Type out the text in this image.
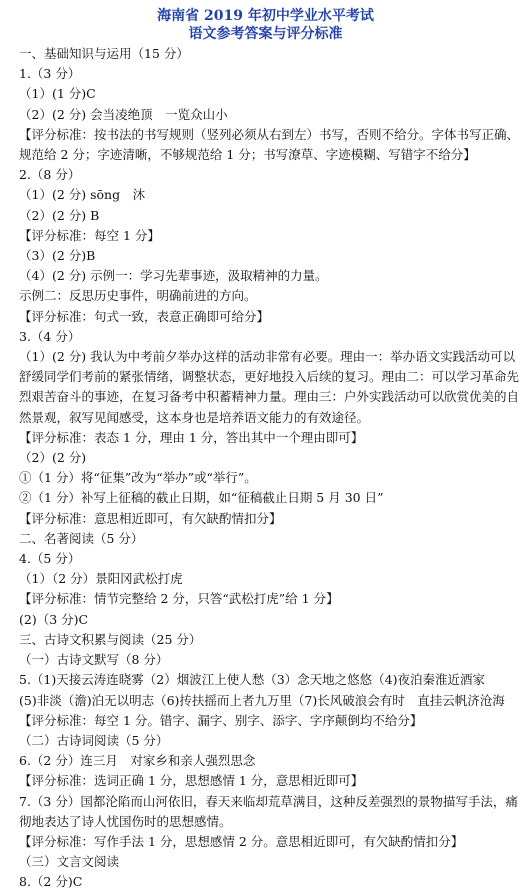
海南省 2019 年初中学业水平考试
语文参考答案与评分标准
一、基础知识与运用（15 分）
1.（3 分）
（1）(1 分)C
（2）(2 分) 会当凌绝顶　一览众山小
【评分标准：按书法的书写规则（竖列必须从右到左）书写，否则不给分。字体书写正确、规范给 2 分；字迹清晰，不够规范给 1 分；书写潦草、字迹模糊、写错字不给分】
2.（8 分）
（1）(2 分) sōng　沐
（2）(2 分) B
【评分标准：每空 1 分】
（3）(2 分)B
（4）(2 分) 示例一：学习先辈事迹，汲取精神的力量。
示例二：反思历史事件，明确前进的方向。
【评分标准：句式一致，表意正确即可给分】
3.（4 分）
（1）(2 分) 我认为中考前夕举办这样的活动非常有必要。理由一：举办语文实践活动可以舒缓同学们考前的紧张情绪，调整状态，更好地投入后续的复习。理由二：可以学习革命先烈艰苦奋斗的事迹，在复习备考中积蓄精神力量。理由三：户外实践活动可以欣赏优美的自然景观，叙写见闻感受，这本身也是培养语文能力的有效途径。
【评分标准：表态 1 分，理由 1 分，答出其中一个理由即可】
（2）(2 分)
①（1 分）将“征集”改为“举办”或“举行”。
②（1 分）补写上征稿的截止日期，如“征稿截止日期 5 月 30 日”
【评分标准：意思相近即可，有欠缺酌情扣分】
二、名著阅读（5 分）
4.（5 分）
（1）（2 分）景阳冈武松打虎
【评分标准：情节完整给 2 分，只答“武松打虎”给 1 分】
(2)（3 分)C
三、古诗文积累与阅读（25 分）
（一）古诗文默写（8 分）
5.（1)天接云涛连晓雾（2）烟波江上使人愁（3）念天地之悠悠（4)夜泊秦淮近酒家
(5)非淡（澹)泊无以明志（6)抟扶摇而上者九万里（7)长风破浪会有时　直挂云帆济沧海
【评分标准：每空 1 分。错字、漏字、别字、添字、字序颠倒均不给分】
（二）古诗词阅读（5 分）
6.（2 分）连三月　对家乡和亲人强烈思念
【评分标准：选词正确 1 分，思想感情 1 分，意思相近即可】
7.（3 分）国都沦陷而山河依旧，春天来临却荒草满目，这种反差强烈的景物描写手法，痛彻地表达了诗人忧国伤时的思想感情。
【评分标准：写作手法 1 分，思想感情 2 分。意思相近即可，有欠缺酌情扣分】
（三）文言文阅读
8.（2 分)C
